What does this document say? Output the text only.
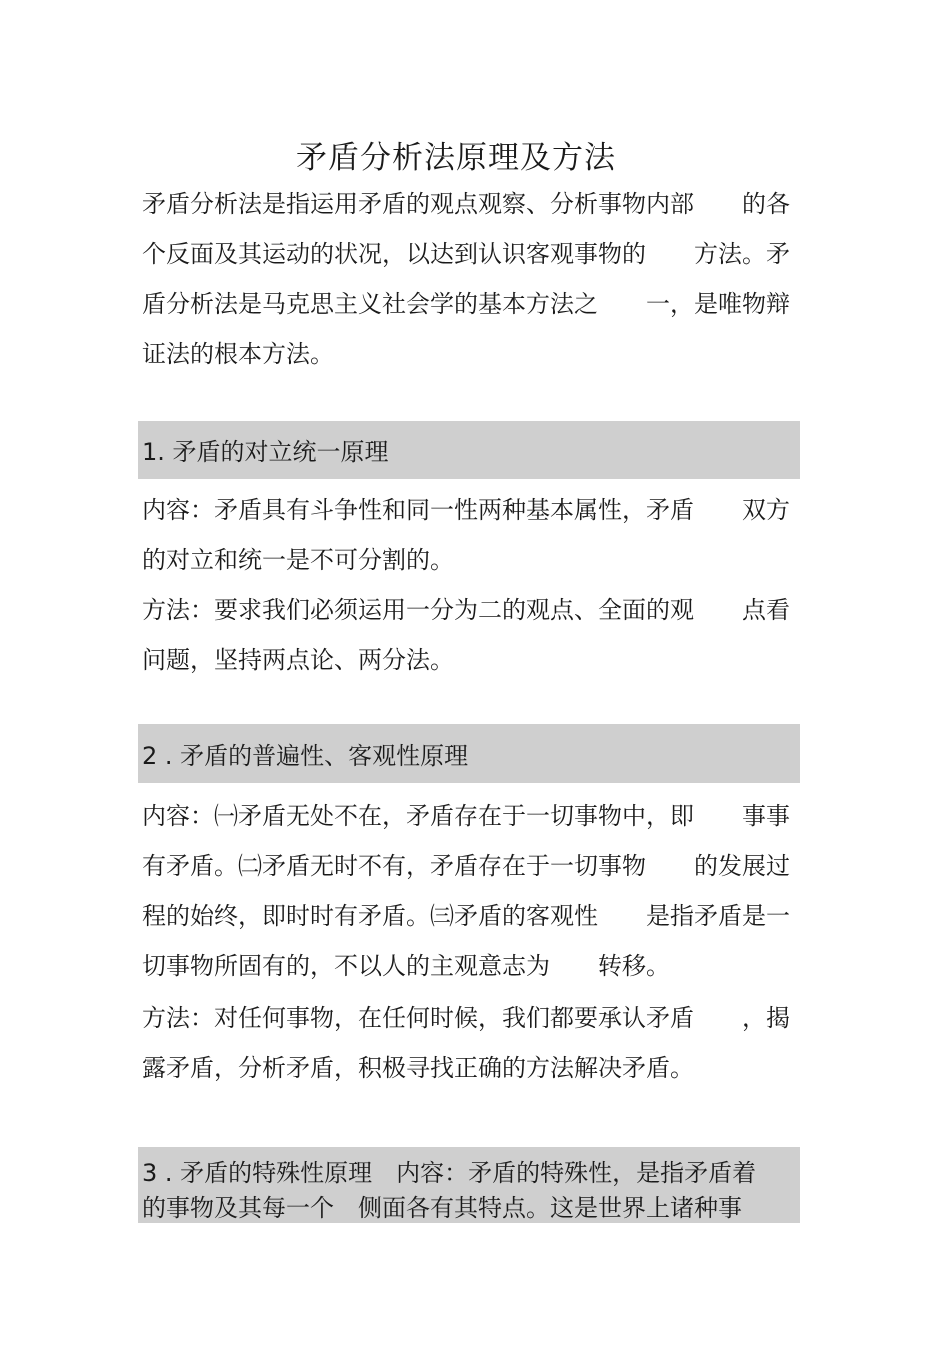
矛盾分析法原理及方法
矛盾分析法是指运用矛盾的观点观察、分析事物内部　　的各
个反面及其运动的状况，以达到认识客观事物的　　方法。矛
盾分析法是马克思主义社会学的基本方法之　　一，是唯物辩
证法的根本方法。
1. 矛盾的对立统一原理
内容：矛盾具有斗争性和同一性两种基本属性，矛盾　　双方
的对立和统一是不可分割的。
方法：要求我们必须运用一分为二的观点、全面的观　　点看
问题，坚持两点论、两分法。
2 . 矛盾的普遍性、客观性原理
内容：㈠矛盾无处不在，矛盾存在于一切事物中，即　　事事
有矛盾。㈡矛盾无时不有，矛盾存在于一切事物　　的发展过
程的始终，即时时有矛盾。㈢矛盾的客观性　　是指矛盾是一
切事物所固有的，不以人的主观意志为　　转移。
方法：对任何事物，在任何时候，我们都要承认矛盾　　，揭
露矛盾，分析矛盾，积极寻找正确的方法解决矛盾。
3 . 矛盾的特殊性原理　内容：矛盾的特殊性，是指矛盾着
的事物及其每一个　侧面各有其特点。这是世界上诸种事
